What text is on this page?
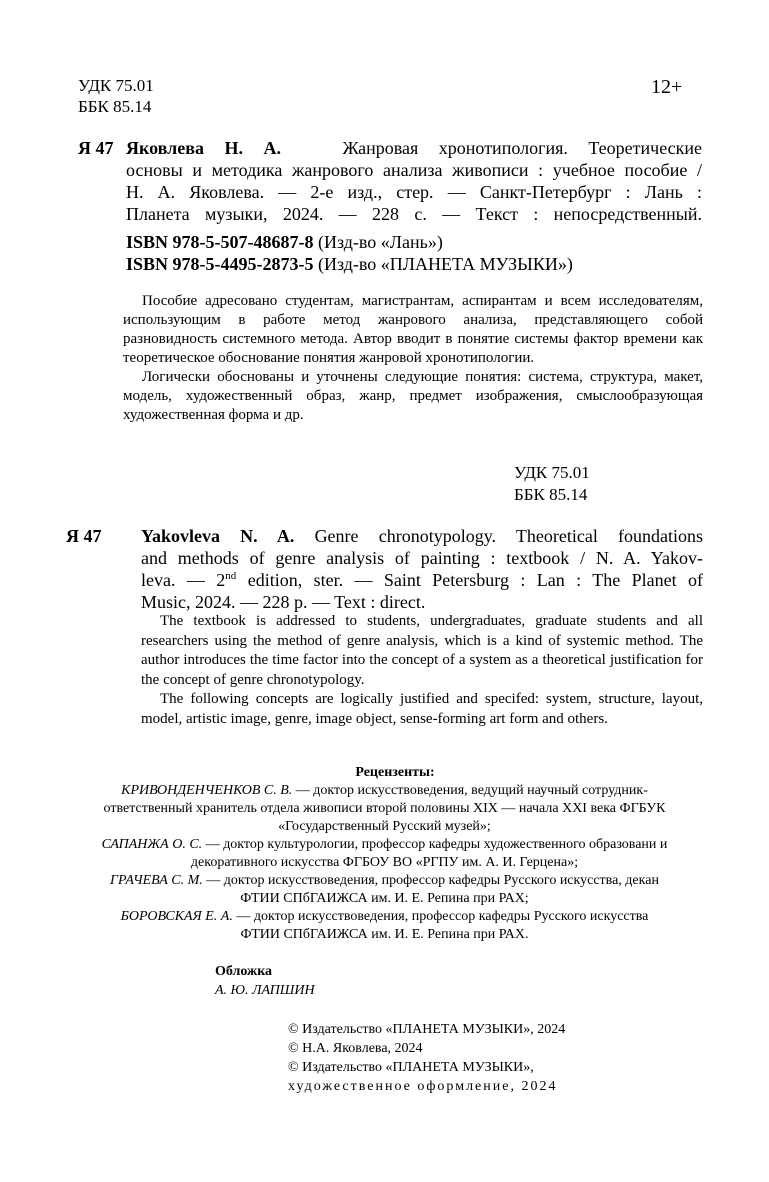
УДК 75.01
ББК 85.14
12+
Я 47 Яковлева Н. А.	Жанровая хронотипология. Теоретические
основы и методика жанрового анализа живописи : учебное пособие /
Н. А. Яковлева. — 2-е изд., стер. — Санкт-Петербург : Лань :
Планета музыки, 2024. — 228 с. — Текст : непосредственный.
ISBN 978-5-507-48687-8 (Изд-во «Лань»)
ISBN 978-5-4495-2873-5 (Изд-во «ПЛАНЕТА МУЗЫКИ»)

Пособие адресовано студентам, магистрантам, аспирантам и всем исследователям, использующим в работе метод жанрового анализа, представляющего собой разновидность системного метода. Автор вводит в понятие системы фактор времени как теоретическое обоснование понятия жанровой хронотипологии.

Логически обоснованы и уточнены следующие понятия: система, структура, макет, модель, художественный образ, жанр, предмет изображения, смыслообразующая художественная форма и др.

УДК 75.01
ББК 85.14
Я 47 Yakovleva N. A. Genre chronotypology. Theoretical foundations
and methods of genre analysis of painting : textbook / N. A. Yakov-
leva. — 2nd edition, ster. — Saint Petersburg : Lan : The Planet of
Music, 2024. — 228 p. — Text : direct.

The textbook is addressed to students, undergraduates, graduate students and all researchers using the method of genre analysis, which is a kind of systemic method. The author introduces the time factor into the concept of a system as a theoretical justification for the concept of genre chronotypology.

The following concepts are logically justified and specifed: system, structure, layout, model, artistic image, genre, image object, sense-forming art form and others.

Рецензенты:
КРИВОНДЕНЧЕНКОВ С. В. — доктор искусствоведения, ведущий научный сотрудник-
ответственный хранитель отдела живописи второй половины XIX — начала XXI века ФГБУК
«Государственный Русский музей»;
САПАНЖА О. С. — доктор культурологии, профессор кафедры художественного образовани и
декоративного искусства ФГБОУ ВО «РГПУ им. А. И. Герцена»;
ГРАЧЕВА С. М. — доктор искусствоведения, профессор кафедры Русского искусства, декан
ФТИИ СПбГАИЖСА им. И. Е. Репина при РАХ;
БОРОВСКАЯ Е. А. — доктор искусствоведения, профессор кафедры Русского искусства
ФТИИ СПбГАИЖСА им. И. Е. Репина при РАХ.
Обложка
А. Ю. ЛАПШИН
© Издательство «ПЛАНЕТА МУЗЫКИ», 2024
© Н.А. Яковлева, 2024
© Издательство «ПЛАНЕТА МУЗЫКИ»,
художественное оформление, 2024
